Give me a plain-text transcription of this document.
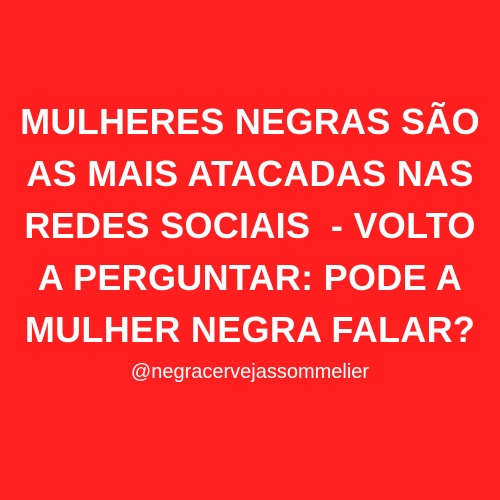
MULHERES NEGRAS SÃO
AS MAIS ATACADAS NAS
REDES SOCIAIS  - VOLTO
A PERGUNTAR: PODE A
MULHER NEGRA FALAR?
@negracervejassommelier
